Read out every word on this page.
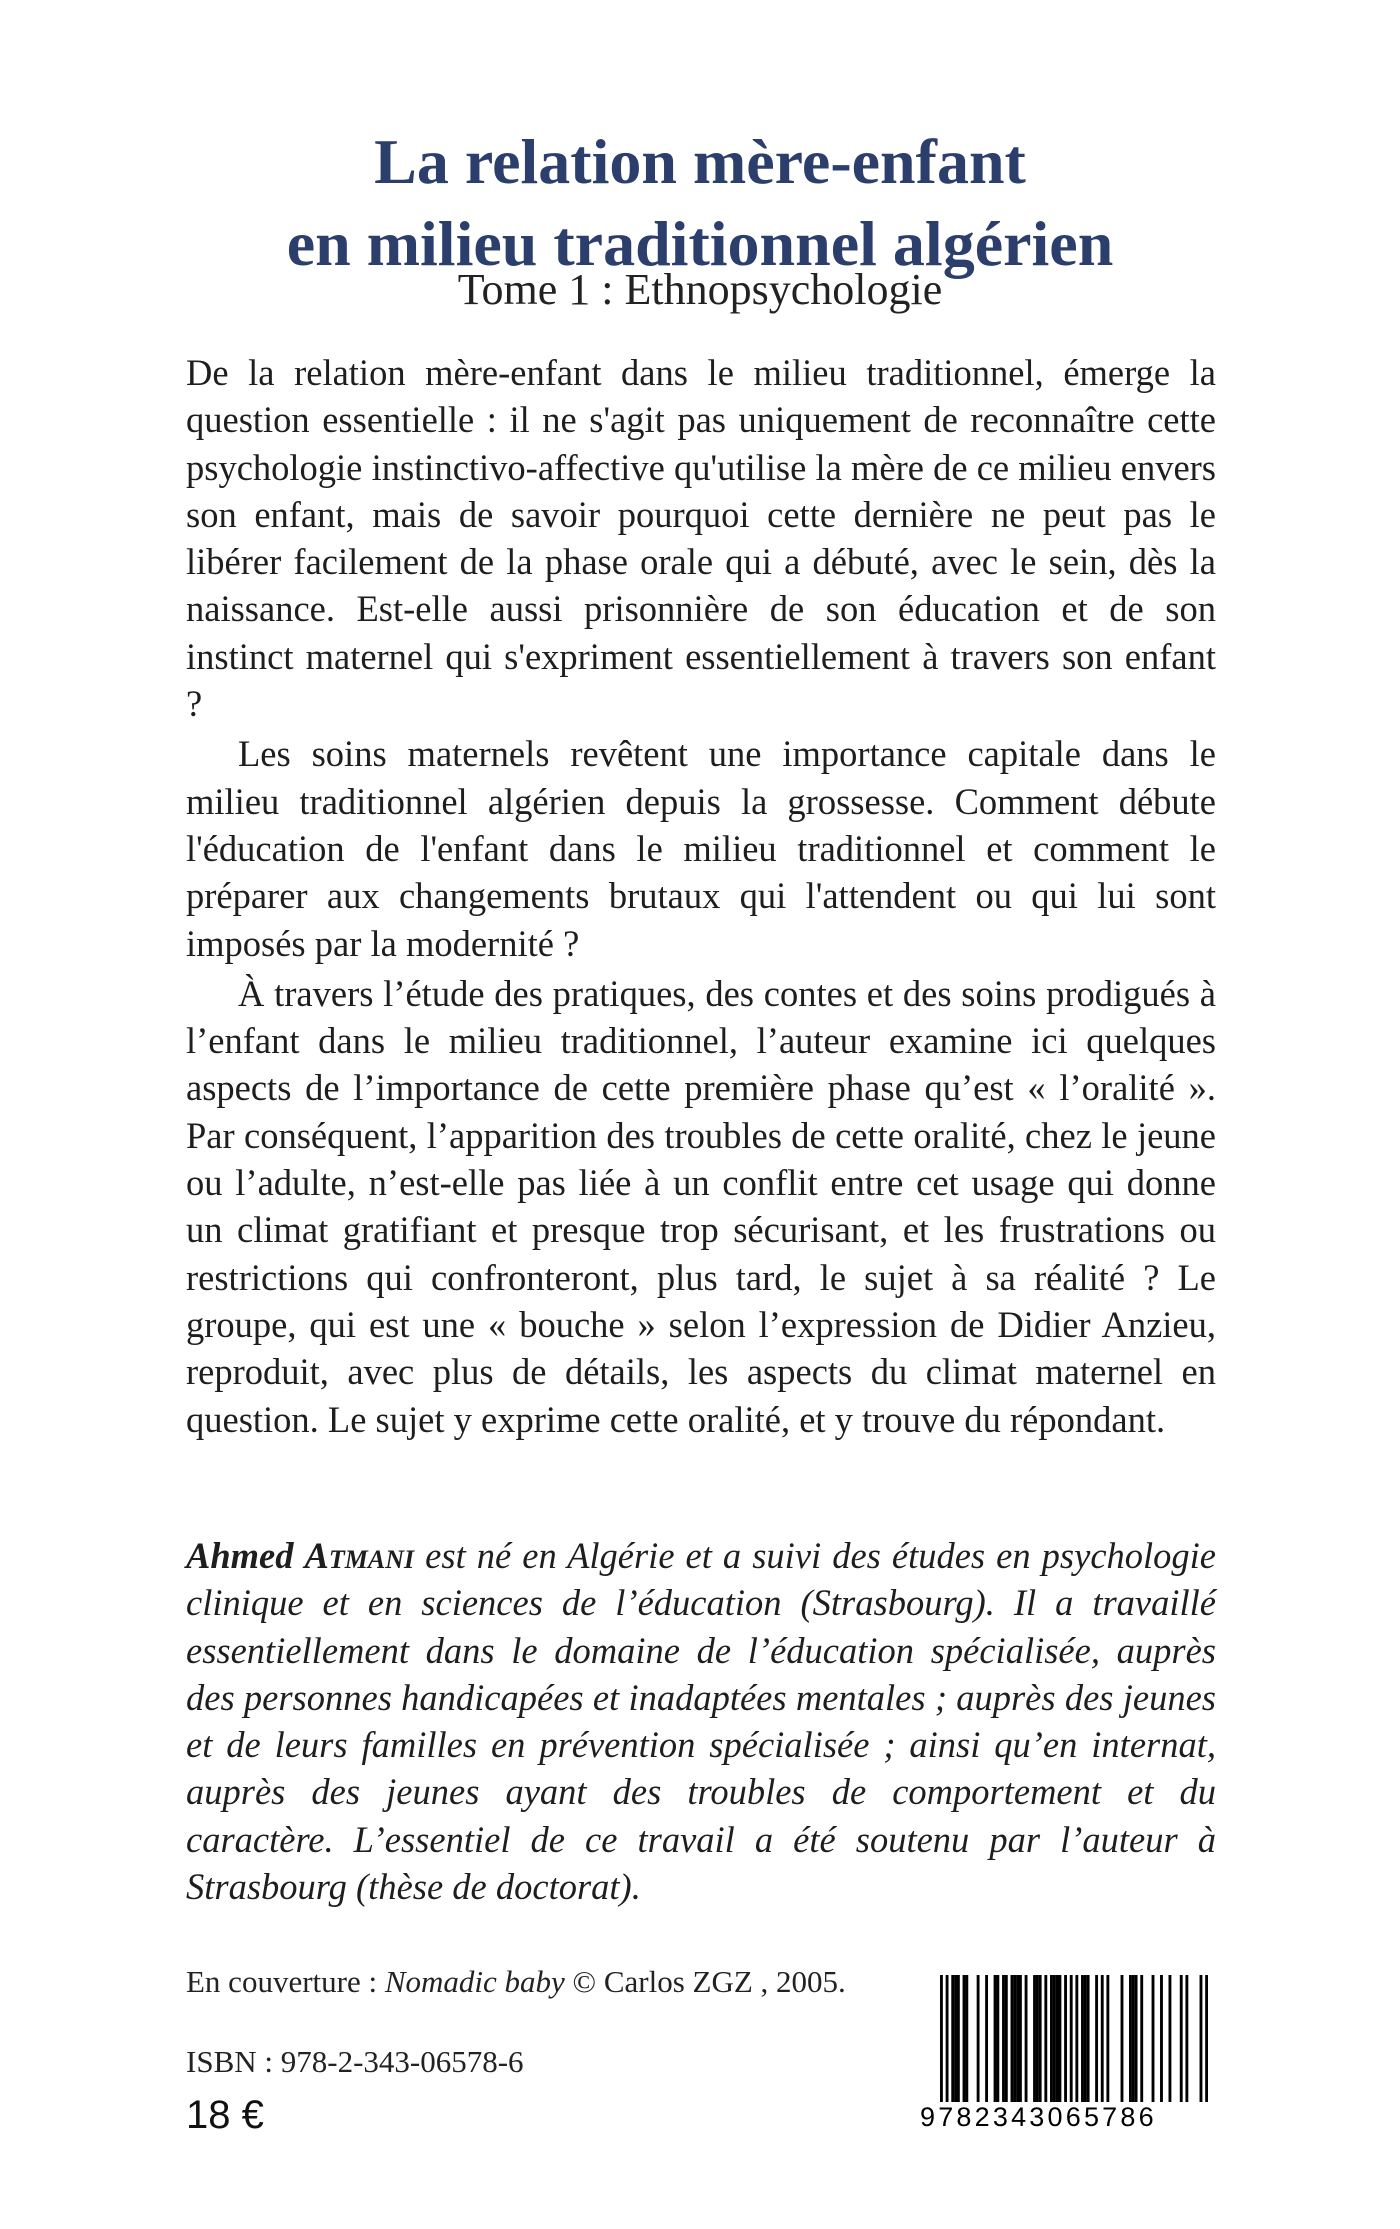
La relation mère-enfant
en milieu traditionnel algérien
Tome 1 : Ethnopsychologie

De la relation mère-enfant dans le milieu traditionnel, émerge la question essentielle : il ne s'agit pas uniquement de reconnaître cette psychologie instinctivo-affective qu'utilise la mère de ce milieu envers son enfant, mais de savoir pourquoi cette dernière ne peut pas le libérer facilement de la phase orale qui a débuté, avec le sein, dès la naissance. Est-elle aussi prisonnière de son éducation et de son instinct maternel qui s'expriment essentiellement à travers son enfant ?

Les soins maternels revêtent une importance capitale dans le milieu traditionnel algérien depuis la grossesse. Comment débute l'éducation de l'enfant dans le milieu traditionnel et comment le préparer aux changements brutaux qui l'attendent ou qui lui sont imposés par la modernité ?

À travers l’étude des pratiques, des contes et des soins prodigués à l’enfant dans le milieu traditionnel, l’auteur examine ici quelques aspects de l’importance de cette première phase qu’est « l’oralité ». Par conséquent, l’apparition des troubles de cette oralité, chez le jeune ou l’adulte, n’est-elle pas liée à un conflit entre cet usage qui donne un climat gratifiant et presque trop sécurisant, et les frustrations ou restrictions qui confronteront, plus tard, le sujet à sa réalité ? Le groupe, qui est une « bouche » selon l’expression de Didier Anzieu, reproduit, avec plus de détails, les aspects du climat maternel en question. Le sujet y exprime cette oralité, et y trouve du répondant.

Ahmed Atmani est né en Algérie et a suivi des études en psychologie clinique et en sciences de l’éducation (Strasbourg). Il a travaillé essentiellement dans le domaine de l’éducation spécialisée, auprès des personnes handicapées et inadaptées mentales ; auprès des jeunes et de leurs familles en prévention spécialisée ; ainsi qu’en internat, auprès des jeunes ayant des troubles de comportement et du caractère. L’essentiel de ce travail a été soutenu par l’auteur à Strasbourg (thèse de doctorat).
En couverture : Nomadic baby © Carlos ZGZ , 2005.
ISBN : 978-2-343-06578-6
18 €	9782343065786
